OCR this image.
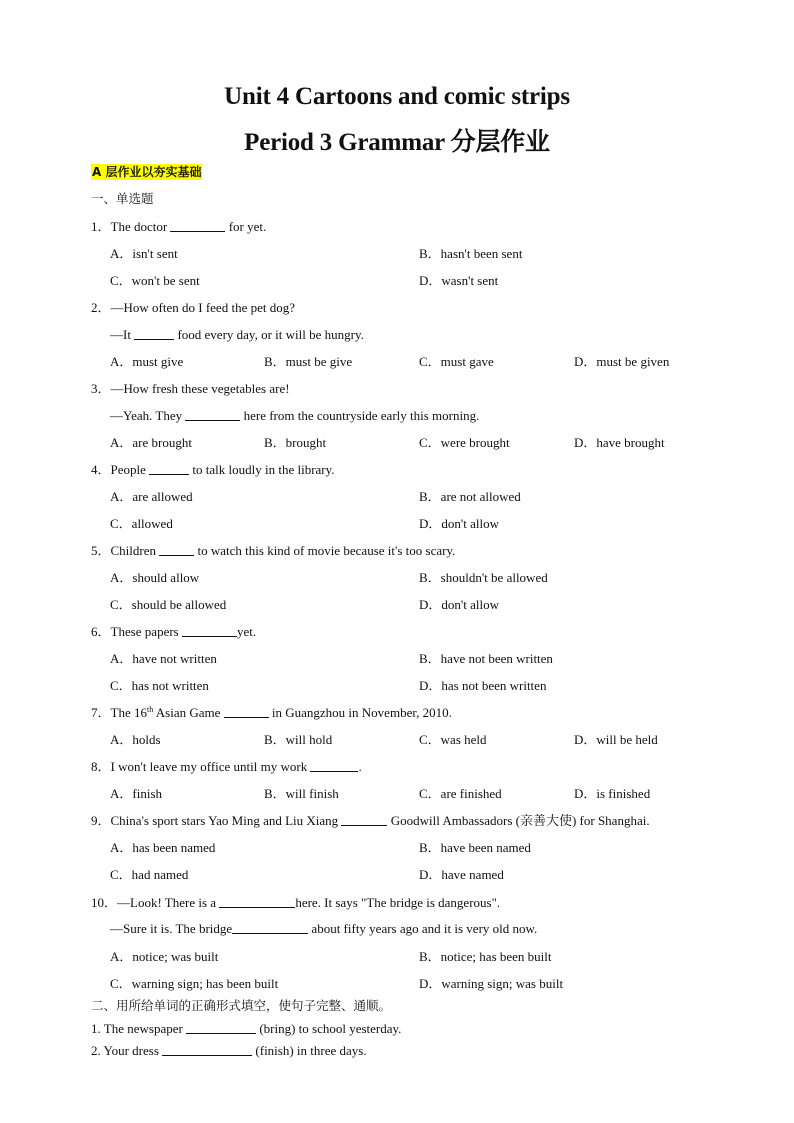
Unit 4 Cartoons and comic strips
Period 3 Grammar 分层作业
A 层作业以夯实基础
一、单选题
1．The doctor	for yet.
A．isn't sent	B．hasn't been sent
C．won't be sent	D．wasn't sent
2．—How often do I feed the pet dog?
—It	food every day, or it will be hungry.
A．must give	B．must be give	C．must gave	D．must be given
3．—How fresh these vegetables are!
—Yeah. They	here from the countryside early this morning.
A．are brought	B．brought	C．were brought	D．have brought
4．People	to talk loudly in the library.
A．are allowed	B．are not allowed
C．allowed	D．don't allow
5．Children	to watch this kind of movie because it's too scary.
A．should allow	B．shouldn't be allowed
C．should be allowed	D．don't allow
6．These papers	yet.
A．have not written	B．have not been written
C．has not written	D．has not been written
7．The 16th Asian Game	in Guangzhou in November, 2010.
A．holds	B．will hold	C．was held	D．will be held
8．I won't leave my office until my work	.
A．finish	B．will finish	C．are finished	D．is finished
9．China's sport stars Yao Ming and Liu Xiang	Goodwill Ambassadors (亲善大使) for Shanghai.
A．has been named	B．have been named
C．had named	D．have named
10．—Look! There is a	here. It says "The bridge is dangerous".
—Sure it is. The bridge	about fifty years ago and it is very old now.
A．notice; was built	B．notice; has been built
C．warning sign; has been built	D．warning sign; was built
二、用所给单词的正确形式填空，使句子完整、通顺。
1. The newspaper	(bring) to school yesterday.
2. Your dress	(finish) in three days.
